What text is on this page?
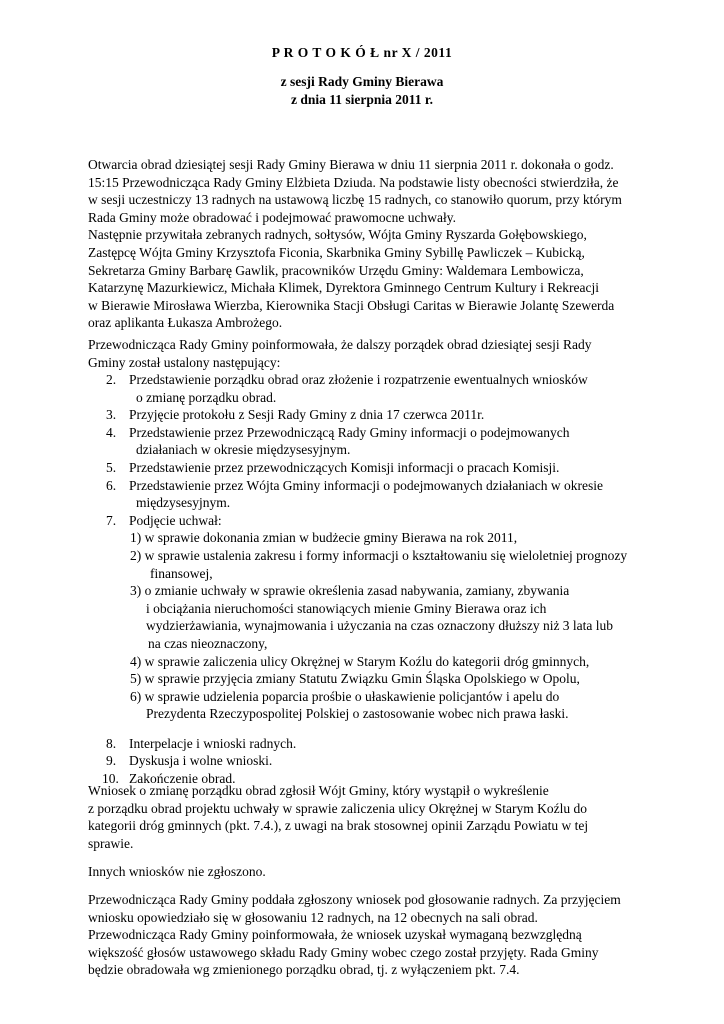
P R O T O K Ó Ł nr X / 2011
z sesji Rady Gminy Bierawa
z dnia 11 sierpnia 2011 r.
Otwarcia obrad dziesiątej sesji Rady Gminy Bierawa w dniu 11 sierpnia 2011 r. dokonała o godz.
15:15 Przewodnicząca Rady Gminy Elżbieta Dziuda. Na podstawie listy obecności stwierdziła, że
w sesji uczestniczy 13 radnych na ustawową liczbę 15 radnych, co stanowiło quorum, przy którym
Rada Gminy może obradować i podejmować prawomocne uchwały.
Następnie przywitała zebranych radnych, sołtysów, Wójta Gminy Ryszarda Gołębowskiego,
Zastępcę Wójta Gminy Krzysztofa Ficonia, Skarbnika Gminy Sybillę Pawliczek – Kubicką,
Sekretarza Gminy Barbarę Gawlik, pracowników Urzędu Gminy: Waldemara Lembowicza,
Katarzynę Mazurkiewicz, Michała Klimek, Dyrektora Gminnego Centrum Kultury i Rekreacji
w Bierawie Mirosława Wierzba, Kierownika Stacji Obsługi Caritas w Bierawie Jolantę Szewerda
oraz aplikanta Łukasza Ambrożego.
Przewodnicząca Rady Gminy poinformowała, że dalszy porządek obrad dziesiątej sesji Rady
Gminy został ustalony następujący:
2. Przedstawienie porządku obrad oraz złożenie i rozpatrzenie ewentualnych wniosków
o zmianę porządku obrad.
3. Przyjęcie protokołu z Sesji Rady Gminy z dnia 17 czerwca 2011r.
4. Przedstawienie przez Przewodniczącą Rady Gminy informacji o podejmowanych
działaniach w okresie międzysesyjnym.
5. Przedstawienie przez przewodniczących Komisji informacji o pracach Komisji.
6. Przedstawienie przez Wójta Gminy informacji o podejmowanych działaniach w okresie
międzysesyjnym.
7. Podjęcie uchwał:
1) w sprawie dokonania zmian w budżecie gminy Bierawa na rok 2011,
2) w sprawie ustalenia zakresu i formy informacji o kształtowaniu się wieloletniej prognozy
finansowej,
3) o zmianie uchwały w sprawie określenia zasad nabywania, zamiany, zbywania
i obciążania nieruchomości stanowiących mienie Gminy Bierawa oraz ich
wydzierżawiania, wynajmowania i użyczania na czas oznaczony dłuższy niż 3 lata lub
na czas nieoznaczony,
4) w sprawie zaliczenia ulicy Okrężnej w Starym Koźlu do kategorii dróg gminnych,
5) w sprawie przyjęcia zmiany Statutu Związku Gmin Śląska Opolskiego w Opolu,
6) w sprawie udzielenia poparcia prośbie o ułaskawienie policjantów i apelu do
Prezydenta Rzeczypospolitej Polskiej o zastosowanie wobec nich prawa łaski.
8. Interpelacje i wnioski radnych.
9. Dyskusja i wolne wnioski.
10. Zakończenie obrad.
Wniosek o zmianę porządku obrad zgłosił Wójt Gminy, który wystąpił o wykreślenie
z porządku obrad projektu uchwały w sprawie zaliczenia ulicy Okrężnej w Starym Koźlu do
kategorii dróg gminnych (pkt. 7.4.), z uwagi na brak stosownej opinii Zarządu Powiatu w tej
sprawie.
Innych wniosków nie zgłoszono.
Przewodnicząca Rady Gminy poddała zgłoszony wniosek pod głosowanie radnych. Za przyjęciem
wniosku opowiedziało się w głosowaniu 12 radnych, na 12 obecnych na sali obrad.
Przewodnicząca Rady Gminy poinformowała, że wniosek uzyskał wymaganą bezwzględną
większość głosów ustawowego składu Rady Gminy wobec czego został przyjęty. Rada Gminy
będzie obradowała wg zmienionego porządku obrad, tj. z wyłączeniem pkt. 7.4.
